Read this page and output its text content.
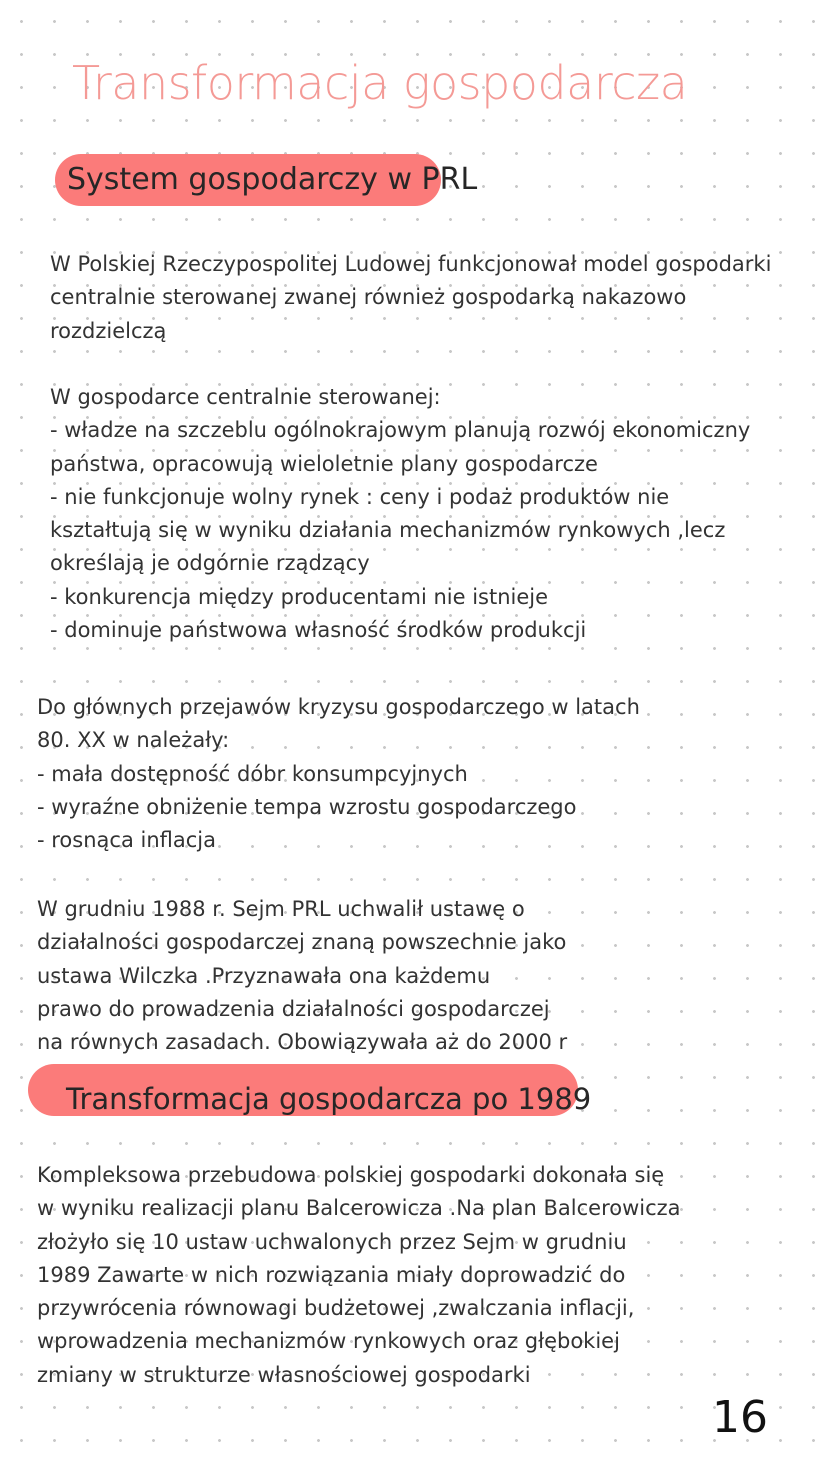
Transformacja gospodarcza
System gospodarczy w PRL
W Polskiej Rzeczypospolitej Ludowej funkcjonował model gospodarki
centralnie sterowanej zwanej również gospodarką nakazowo
rozdzielczą
W gospodarce centralnie sterowanej:
- władze na szczeblu ogólnokrajowym planują rozwój ekonomiczny
państwa, opracowują wieloletnie plany gospodarcze
- nie funkcjonuje wolny rynek : ceny i podaż produktów nie
kształtują się w wyniku działania mechanizmów rynkowych ,lecz
określają je odgórnie rządzący
- konkurencja między producentami nie istnieje
- dominuje państwowa własność środków produkcji
Do głównych przejawów kryzysu gospodarczego w latach
80. XX w należały:
- mała dostępność dóbr konsumpcyjnych
- wyraźne obniżenie tempa wzrostu gospodarczego
- rosnąca inflacja
W grudniu 1988 r. Sejm PRL uchwalił ustawę o
działalności gospodarczej znaną powszechnie jako
ustawa Wilczka .Przyznawała ona każdemu
prawo do prowadzenia działalności gospodarczej
na równych zasadach. Obowiązywała aż do 2000 r
Transformacja gospodarcza po 1989
Kompleksowa przebudowa polskiej gospodarki dokonała się
w wyniku realizacji planu Balcerowicza .Na plan Balcerowicza
złożyło się 10 ustaw uchwalonych przez Sejm w grudniu
1989 Zawarte w nich rozwiązania miały doprowadzić do
przywrócenia równowagi budżetowej ,zwalczania inflacji,
wprowadzenia mechanizmów rynkowych oraz głębokiej
zmiany w strukturze własnościowej gospodarki
16
